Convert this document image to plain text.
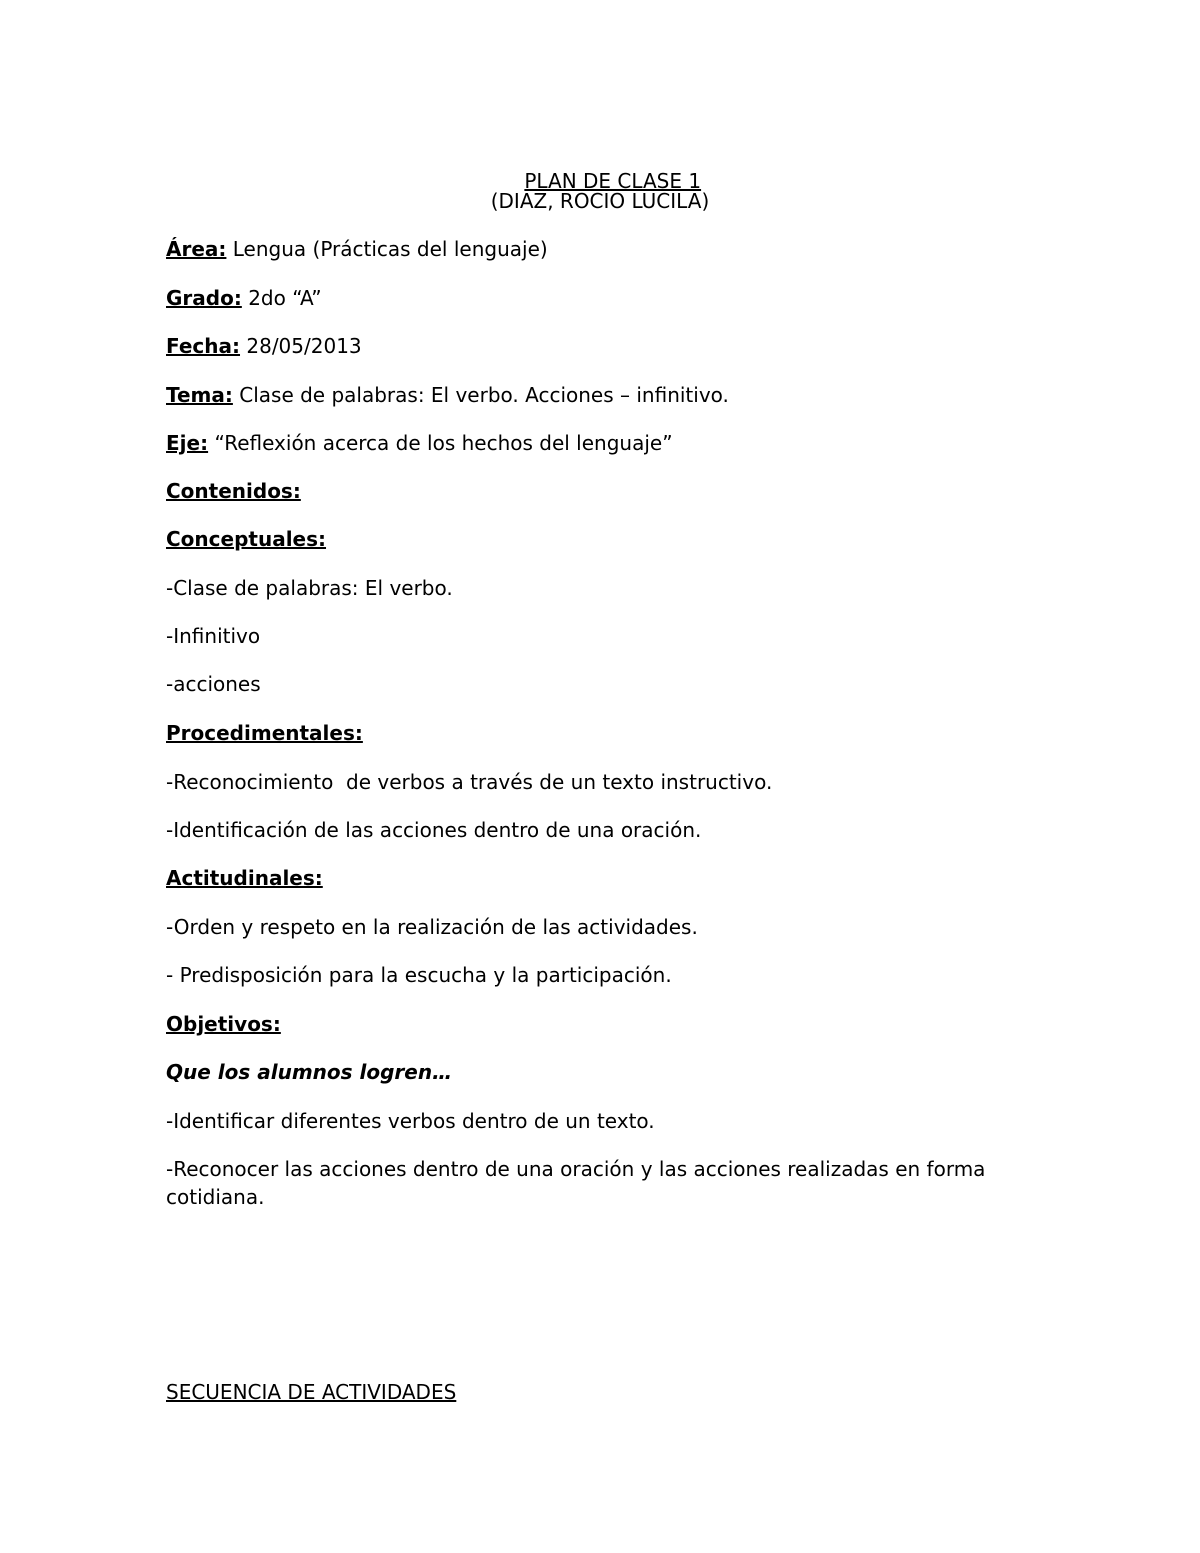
PLAN DE CLASE 1

(DIAZ, ROCIO LUCILA)
Área: Lengua (Prácticas del lenguaje)
Grado: 2do “A”
Fecha: 28/05/2013
Tema: Clase de palabras: El verbo. Acciones – infinitivo.
Eje: “Reflexión acerca de los hechos del lenguaje”
Contenidos:
Conceptuales:
-Clase de palabras: El verbo.
-Infinitivo
-acciones
Procedimentales:
-Reconocimiento  de verbos a través de un texto instructivo.
-Identificación de las acciones dentro de una oración.
Actitudinales:
-Orden y respeto en la realización de las actividades.
- Predisposición para la escucha y la participación.
Objetivos:
Que los alumnos logren…
-Identificar diferentes verbos dentro de un texto.
-Reconocer las acciones dentro de una oración y las acciones realizadas en forma cotidiana.
SECUENCIA DE ACTIVIDADES
